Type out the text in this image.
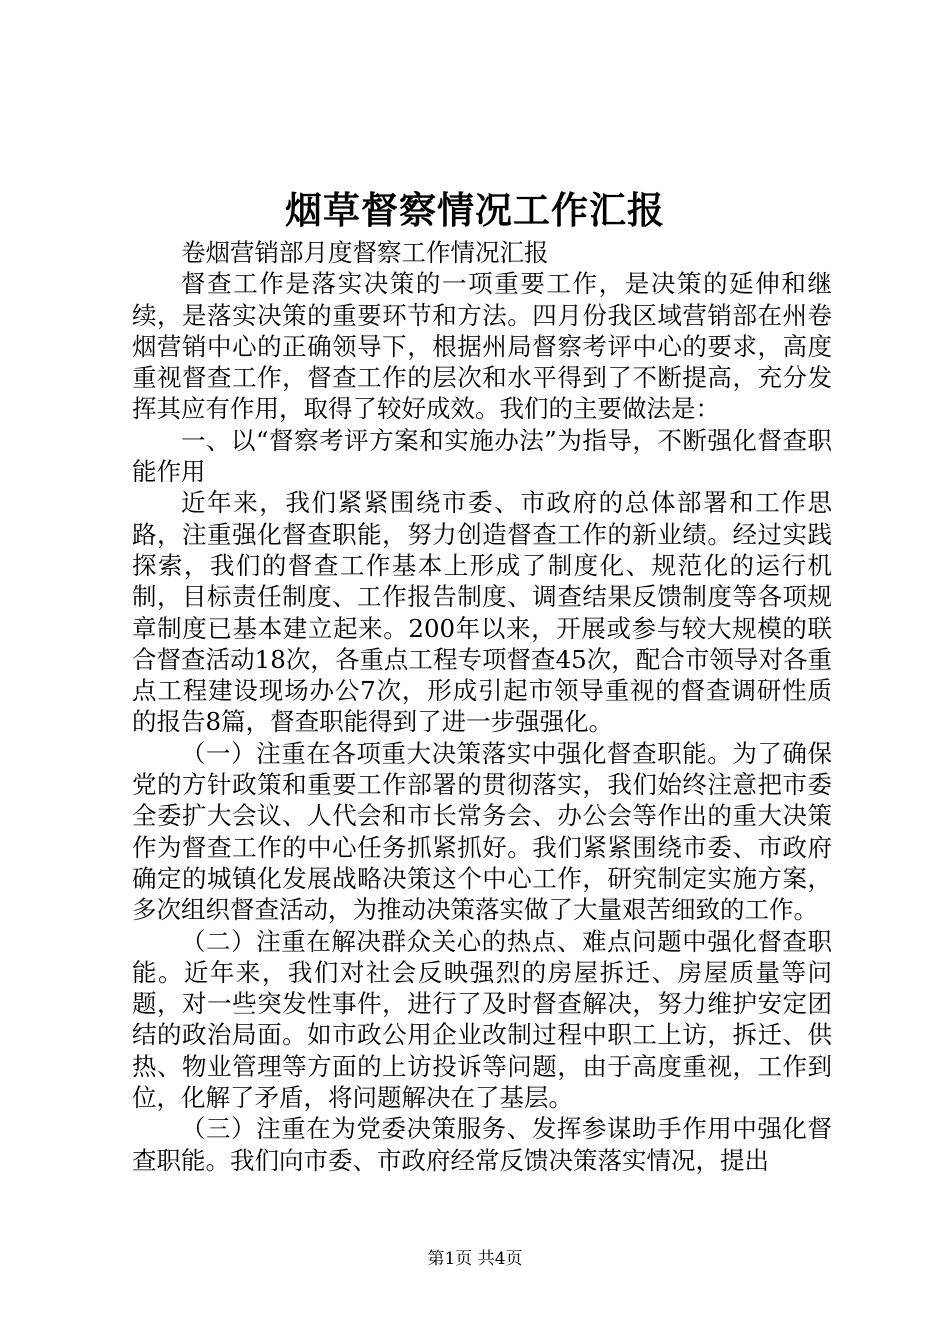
烟草督察情况工作汇报

卷烟营销部月度督察工作情况汇报

督查工作是落实决策的一项重要工作，是决策的延伸和继续，是落实决策的重要环节和方法。四月份我区域营销部在州卷烟营销中心的正确领导下，根据州局督察考评中心的要求，高度重视督查工作，督查工作的层次和水平得到了不断提高，充分发挥其应有作用，取得了较好成效。我们的主要做法是：

一、以“督察考评方案和实施办法”为指导，不断强化督查职能作用

近年来，我们紧紧围绕市委、市政府的总体部署和工作思路，注重强化督查职能，努力创造督查工作的新业绩。经过实践探索，我们的督查工作基本上形成了制度化、规范化的运行机制，目标责任制度、工作报告制度、调查结果反馈制度等各项规章制度已基本建立起来。200年以来，开展或参与较大规模的联合督查活动18次，各重点工程专项督查45次，配合市领导对各重点工程建设现场办公7次，形成引起市领导重视的督查调研性质的报告8篇，督查职能得到了进一步强强化。

（一）注重在各项重大决策落实中强化督查职能。为了确保党的方针政策和重要工作部署的贯彻落实，我们始终注意把市委全委扩大会议、人代会和市长常务会、办公会等作出的重大决策作为督查工作的中心任务抓紧抓好。我们紧紧围绕市委、市政府确定的城镇化发展战略决策这个中心工作，研究制定实施方案，多次组织督查活动，为推动决策落实做了大量艰苦细致的工作。

（二）注重在解决群众关心的热点、难点问题中强化督查职能。近年来，我们对社会反映强烈的房屋拆迁、房屋质量等问题，对一些突发性事件，进行了及时督查解决，努力维护安定团结的政治局面。如市政公用企业改制过程中职工上访，拆迁、供热、物业管理等方面的上访投诉等问题，由于高度重视，工作到位，化解了矛盾，将问题解决在了基层。

（三）注重在为党委决策服务、发挥参谋助手作用中强化督查职能。我们向市委、市政府经常反馈决策落实情况，提出

第1页 共4页
